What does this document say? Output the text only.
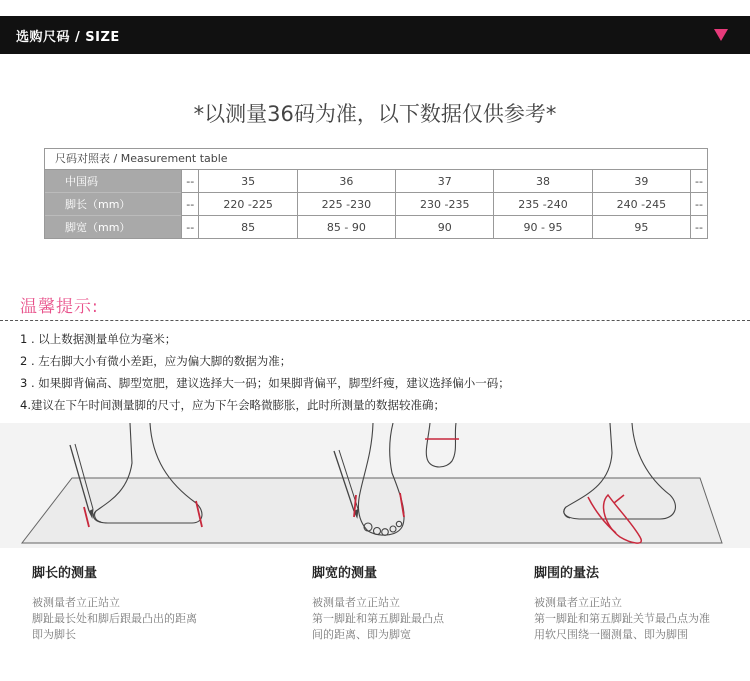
选购尺码 / SIZE
*以测量36码为准，以下数据仅供参考*
尺码对照表 / Measurement table
中国码	--	35	36	37	38	39	--
脚长（mm）	--	220 -225	225 -230	230 -235	235 -240	240 -245	--
脚宽（mm）	--	85	85 - 90	90	90 - 95	95	--
温馨提示:
1 . 以上数据测量单位为毫米；
2 . 左右脚大小有微小差距，应为偏大脚的数据为准；
3 . 如果脚背偏高、脚型宽肥，建议选择大一码；如果脚背偏平，脚型纤瘦，建议选择偏小一码；
4.建议在下午时间测量脚的尺寸，应为下午会略微膨胀，此时所测量的数据较准确；
脚长的测量
被测量者立正站立
脚趾最长处和脚后跟最凸出的距离
即为脚长
脚宽的测量
被测量者立正站立
第一脚趾和第五脚趾最凸点
间的距离、即为脚宽
脚围的量法
被测量者立正站立
第一脚趾和第五脚趾关节最凸点为准
用软尺围绕一圈测量、即为脚围
